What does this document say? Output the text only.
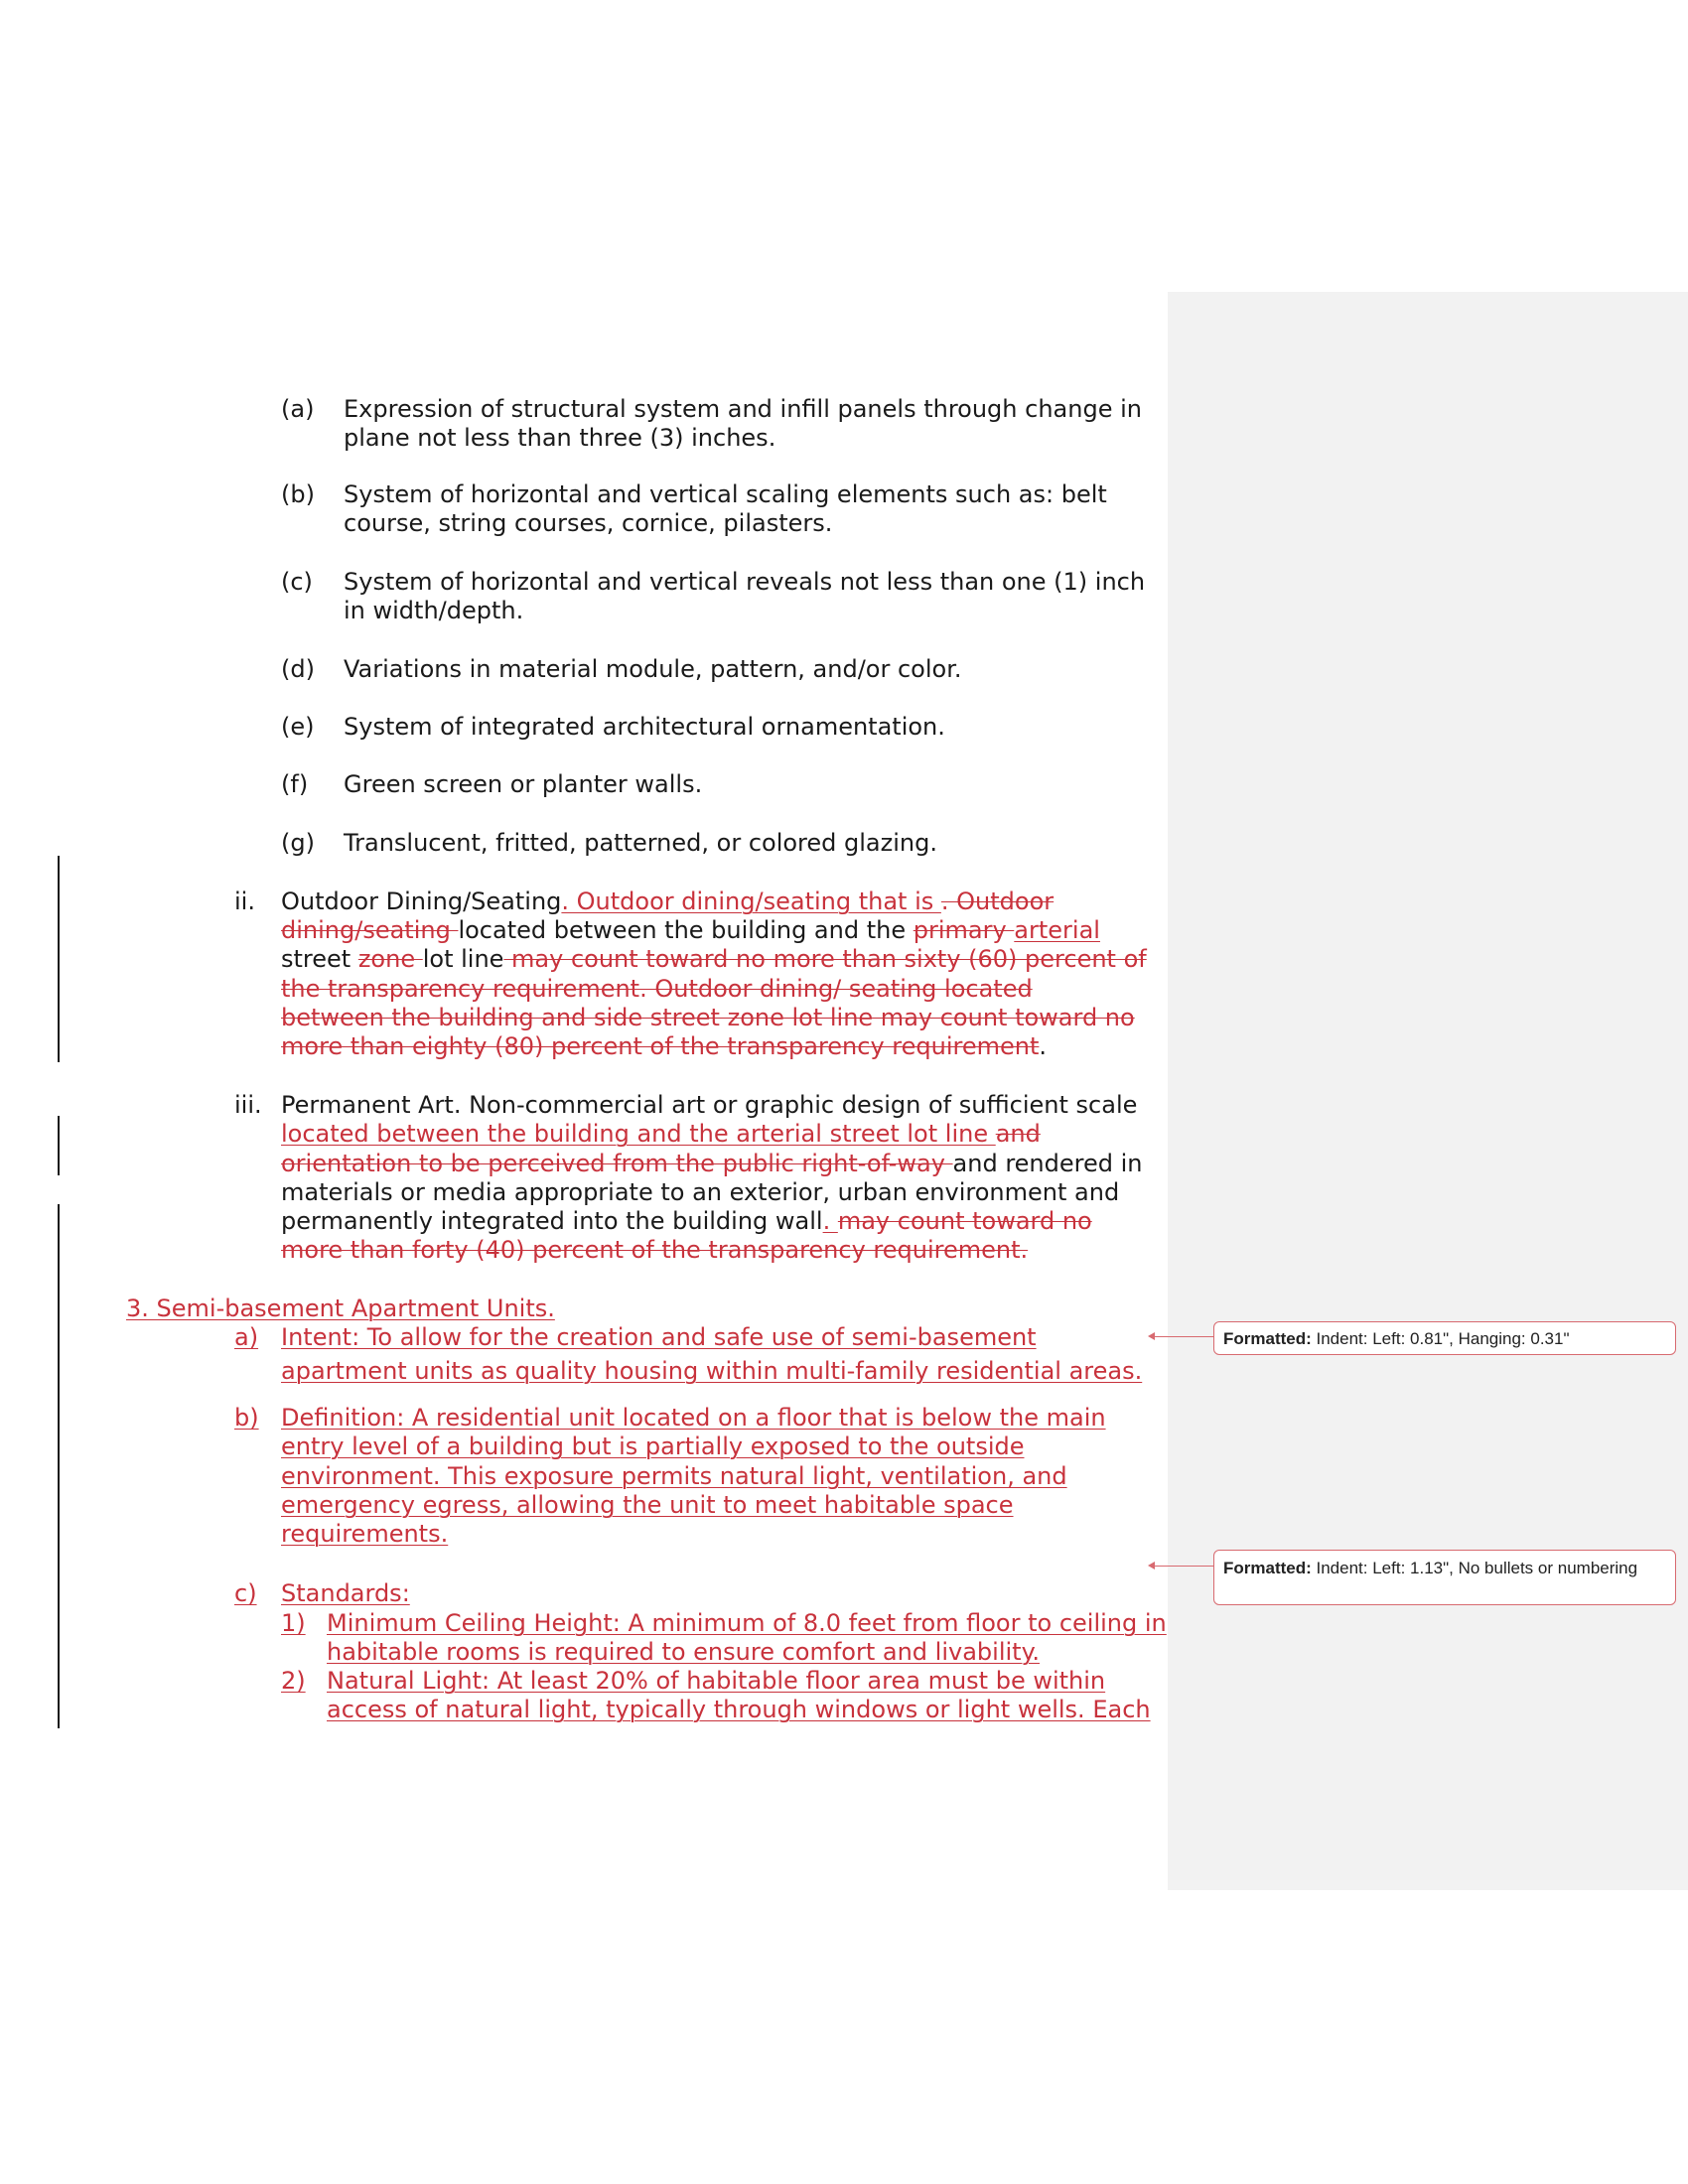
(a) Expression of structural system and infill panels through change in
plane not less than three (3) inches.
(b) System of horizontal and vertical scaling elements such as: belt
course, string courses, cornice, pilasters.
(c) System of horizontal and vertical reveals not less than one (1) inch
in width/depth.
(d) Variations in material module, pattern, and/or color.
(e) System of integrated architectural ornamentation.
(f) Green screen or planter walls.
(g) Translucent, fritted, patterned, or colored glazing.
ii. Outdoor Dining/Seating. Outdoor dining/seating that is . Outdoor
dining/seating located between the building and the primary arterial
street zone lot line may count toward no more than sixty (60) percent of
the transparency requirement. Outdoor dining/ seating located
between the building and side street zone lot line may count toward no
more than eighty (80) percent of the transparency requirement.
iii. Permanent Art. Non-commercial art or graphic design of sufficient scale
located between the building and the arterial street lot line and
orientation to be perceived from the public right-of-way and rendered in
materials or media appropriate to an exterior, urban environment and
permanently integrated into the building wall. may count toward no
more than forty (40) percent of the transparency requirement.
3. Semi-basement Apartment Units.
a) Intent: To allow for the creation and safe use of semi-basement
apartment units as quality housing within multi-family residential areas.
b) Definition: A residential unit located on a floor that is below the main
entry level of a building but is partially exposed to the outside
environment. This exposure permits natural light, ventilation, and
emergency egress, allowing the unit to meet habitable space
requirements.
c) Standards:
1) Minimum Ceiling Height: A minimum of 8.0 feet from floor to ceiling in
habitable rooms is required to ensure comfort and livability.
2) Natural Light: At least 20% of habitable floor area must be within
access of natural light, typically through windows or light wells. Each
Formatted: Indent: Left: 0.81", Hanging: 0.31"
Formatted: Indent: Left: 1.13", No bullets or numbering
